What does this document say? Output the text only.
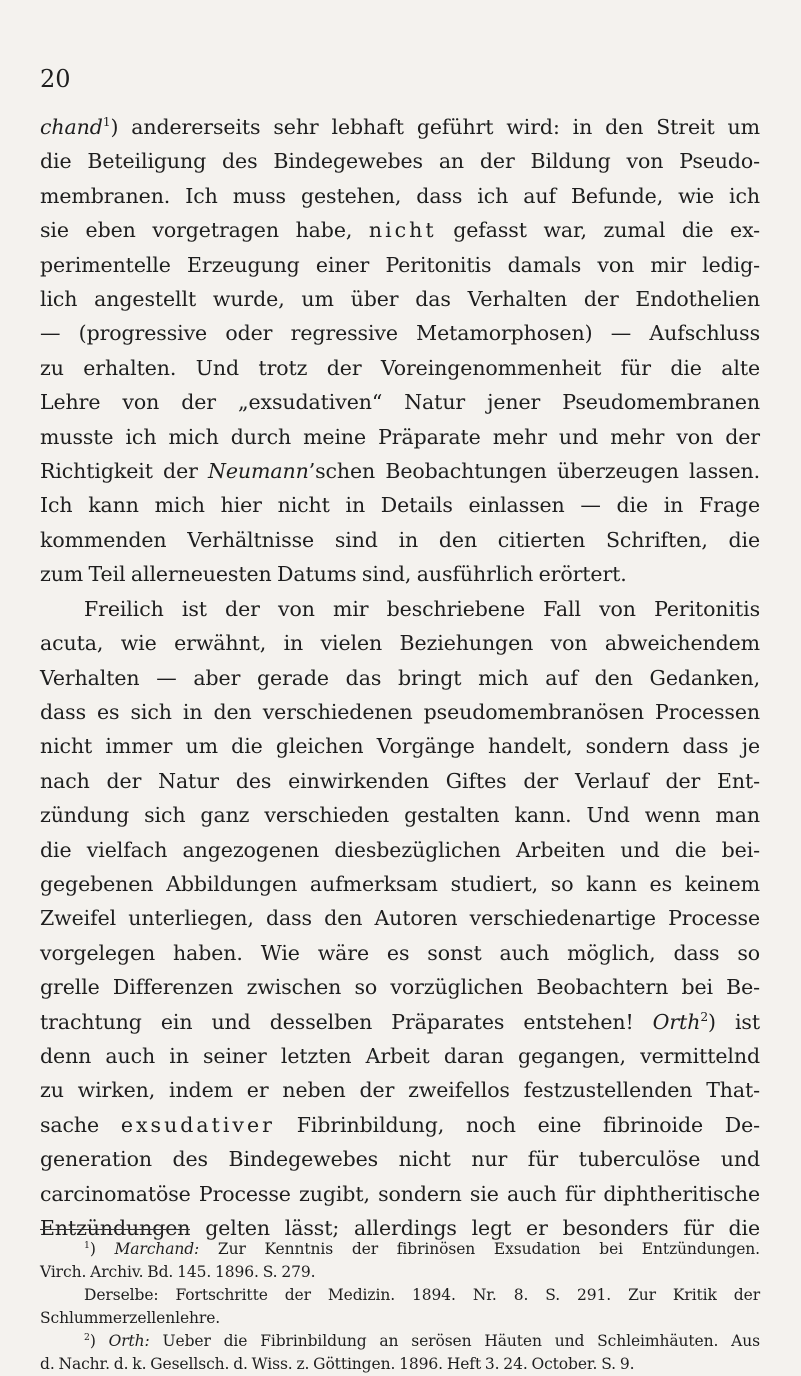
20
chand$^1$) andererseits sehr lebhaft geführt wird: in den Streit um
die Beteiligung des Bindegewebes an der Bildung von Pseudo-
membranen. Ich muss gestehen, dass ich auf Befunde, wie ich
sie eben vorgetragen habe, nicht gefasst war, zumal die ex-
perimentelle Erzeugung einer Peritonitis damals von mir ledig-
lich angestellt wurde, um über das Verhalten der Endothelien
— (progressive oder regressive Metamorphosen) — Aufschluss
zu erhalten. Und trotz der Voreingenommenheit für die alte
Lehre von der „exsudativen“ Natur jener Pseudomembranen
musste ich mich durch meine Präparate mehr und mehr von der
Richtigkeit der Neumann’schen Beobachtungen überzeugen lassen.
Ich kann mich hier nicht in Details einlassen — die in Frage
kommenden Verhältnisse sind in den citierten Schriften, die
zum Teil allerneuesten Datums sind, ausführlich erörtert.
Freilich ist der von mir beschriebene Fall von Peritonitis
acuta, wie erwähnt, in vielen Beziehungen von abweichendem
Verhalten — aber gerade das bringt mich auf den Gedanken,
dass es sich in den verschiedenen pseudomembranösen Processen
nicht immer um die gleichen Vorgänge handelt, sondern dass je
nach der Natur des einwirkenden Giftes der Verlauf der Ent-
zündung sich ganz verschieden gestalten kann. Und wenn man
die vielfach angezogenen diesbezüglichen Arbeiten und die bei-
gegebenen Abbildungen aufmerksam studiert, so kann es keinem
Zweifel unterliegen, dass den Autoren verschiedenartige Processe
vorgelegen haben. Wie wäre es sonst auch möglich, dass so
grelle Differenzen zwischen so vorzüglichen Beobachtern bei Be-
trachtung ein und desselben Präparates entstehen! Orth$^2$) ist
denn auch in seiner letzten Arbeit daran gegangen, vermittelnd
zu wirken, indem er neben der zweifellos festzustellenden That-
sache exsudativer Fibrinbildung, noch eine fibrinoide De-
generation des Bindegewebes nicht nur für tuberculöse und
carcinomatöse Processe zugibt, sondern sie auch für diphtheritische
Entzündungen gelten lässt; allerdings legt er besonders für die
$^1$) Marchand: Zur Kenntnis der fibrinösen Exsudation bei Entzündungen.
Virch. Archiv. Bd. 145. 1896. S. 279.
Derselbe: Fortschritte der Medizin. 1894. Nr. 8. S. 291. Zur Kritik der
Schlummerzellenlehre.
$^2$) Orth: Ueber die Fibrinbildung an serösen Häuten und Schleimhäuten. Aus
d. Nachr. d. k. Gesellsch. d. Wiss. z. Göttingen. 1896. Heft 3. 24. October. S. 9.
